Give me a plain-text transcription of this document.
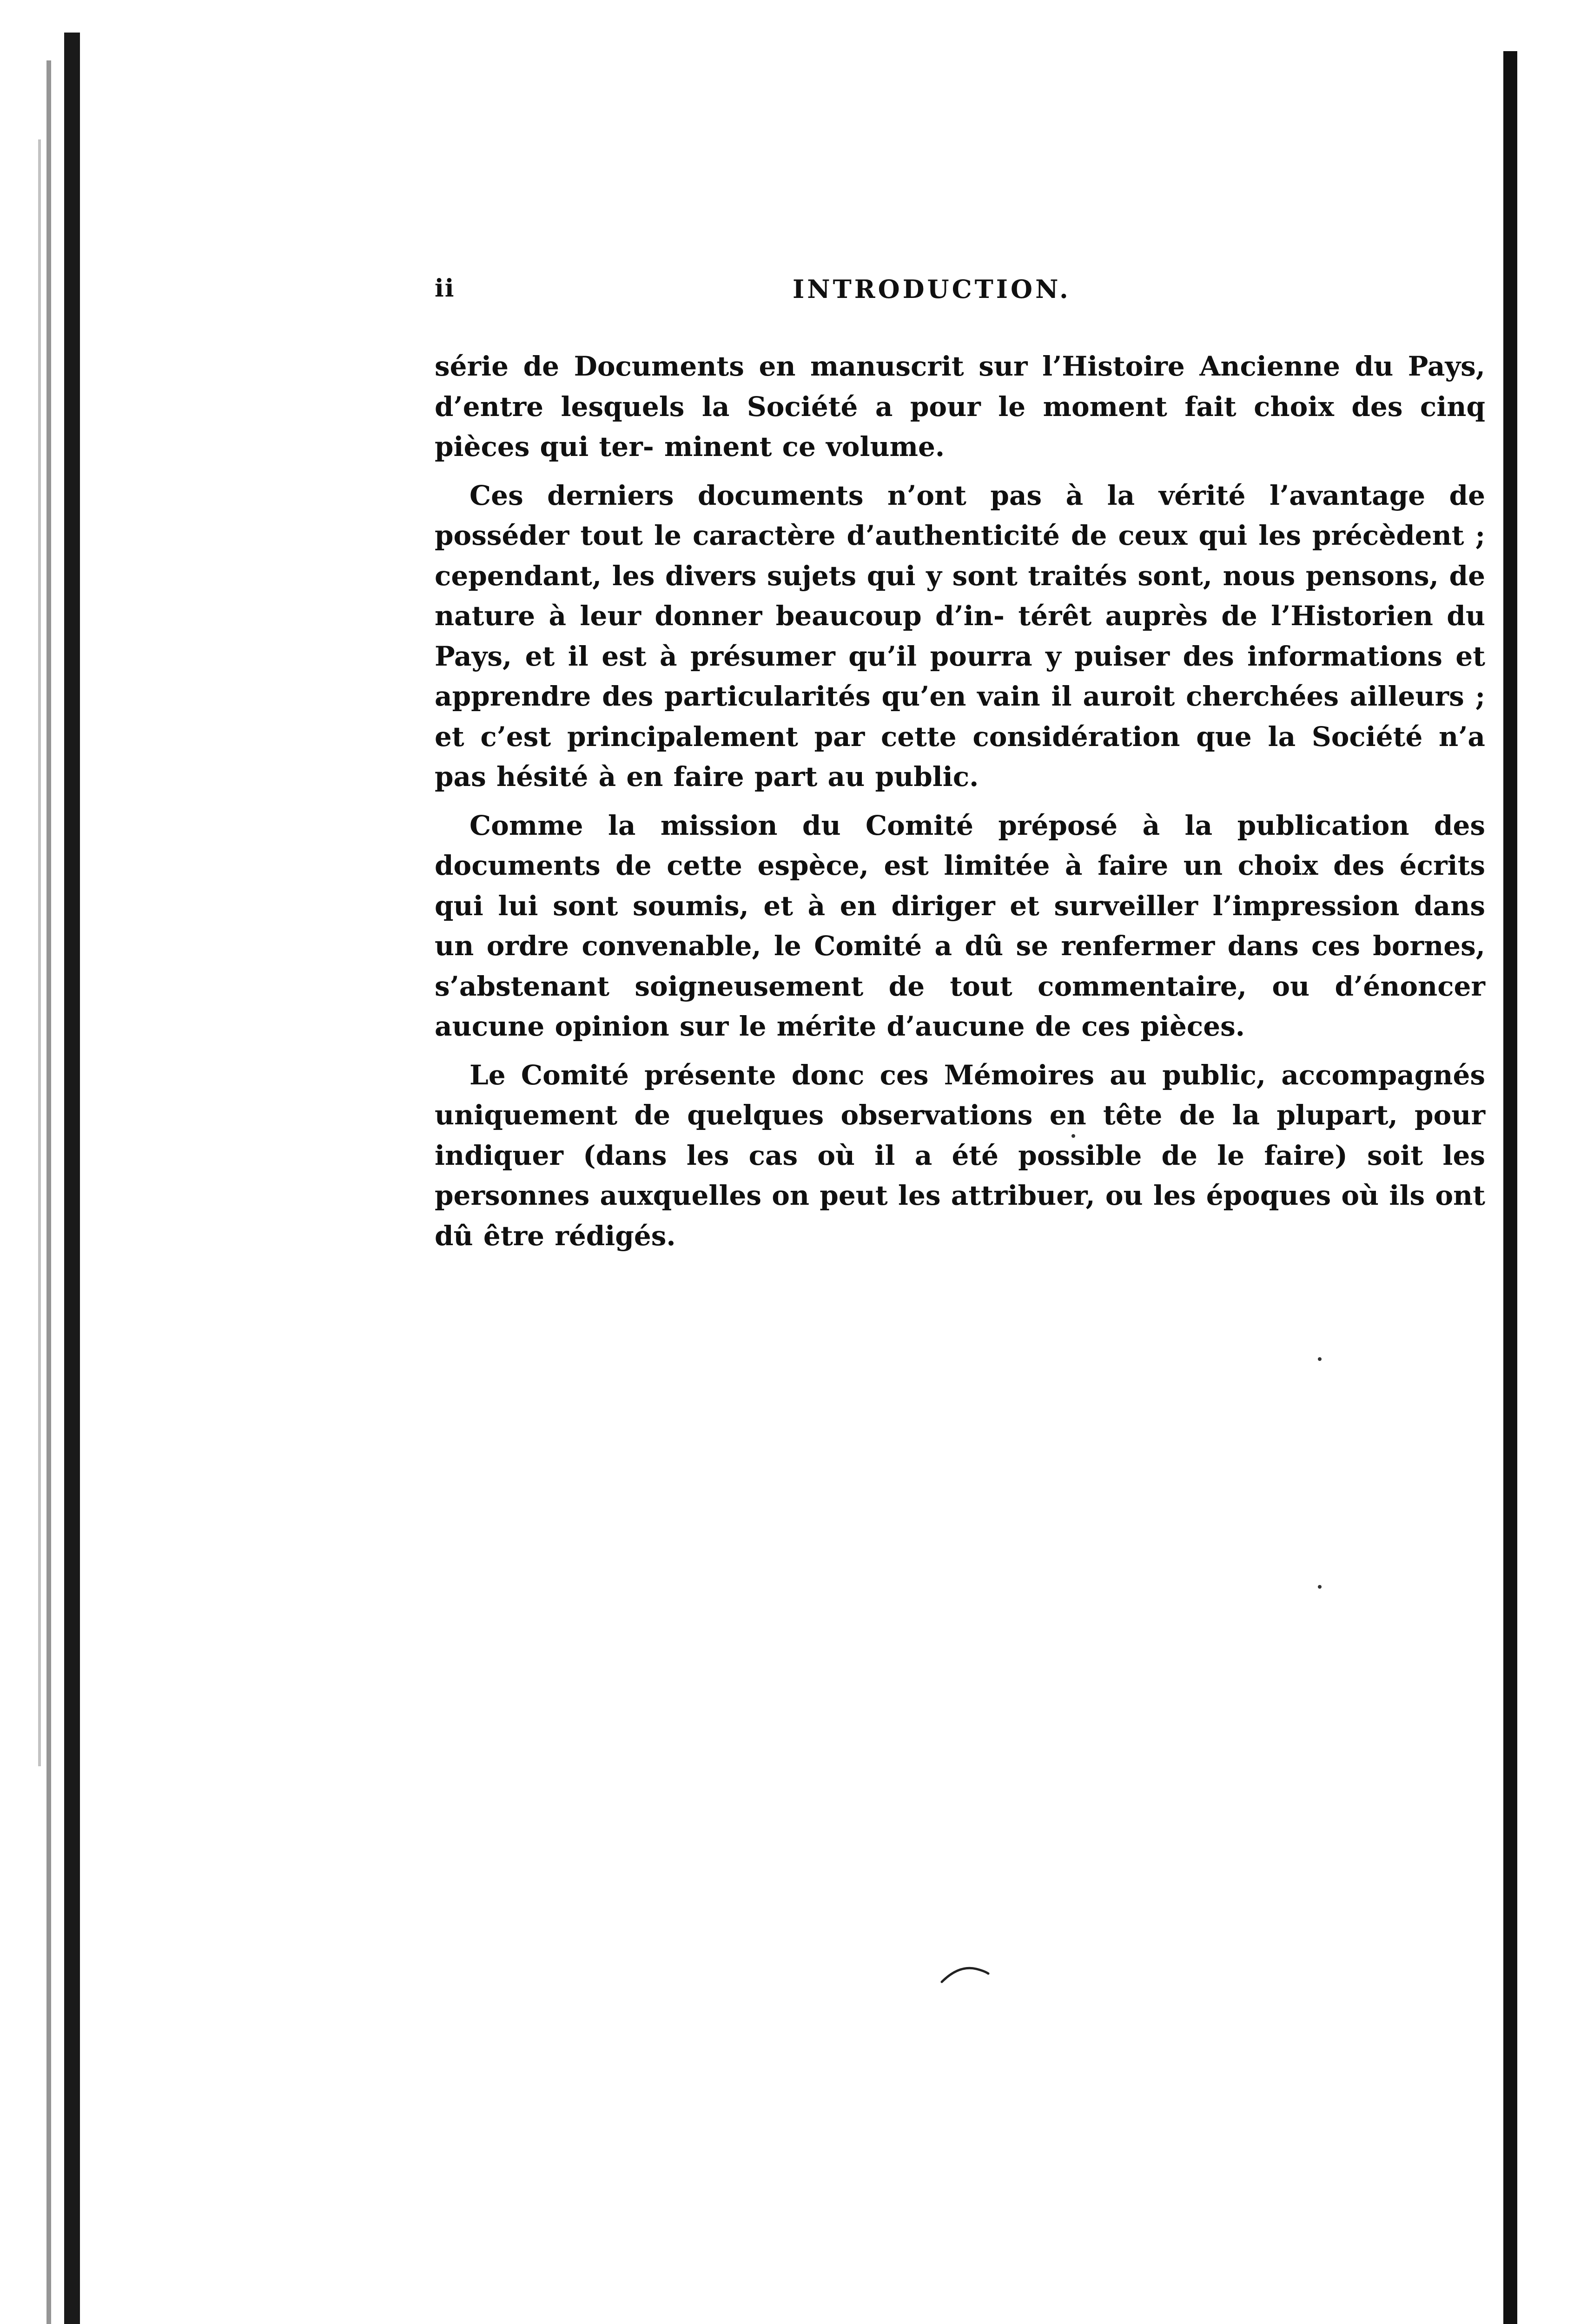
ii	INTRODUCTION.

série de Documents en manuscrit sur l’Histoire Ancienne du Pays, d’entre lesquels la Société a pour le moment fait choix des cinq pièces qui ter- minent ce volume.

Ces derniers documents n’ont pas à la vérité l’avantage de posséder tout le caractère d’authenticité de ceux qui les précèdent ; cependant, les divers sujets qui y sont traités sont, nous pensons, de nature à leur donner beaucoup d’in- térêt auprès de l’Historien du Pays, et il est à présumer qu’il pourra y puiser des informations et apprendre des particularités qu’en vain il auroit cherchées ailleurs ; et c’est principalement par cette considération que la Société n’a pas hésité à en faire part au public.

Comme la mission du Comité préposé à la publication des documents de cette espèce, est limitée à faire un choix des écrits qui lui sont soumis, et à en diriger et surveiller l’impression dans un ordre convenable, le Comité a dû se renfermer dans ces bornes, s’abstenant soigneusement de tout commentaire, ou d’énoncer aucune opinion sur le mérite d’aucune de ces pièces.

Le Comité présente donc ces Mémoires au public, accompagnés uniquement de quelques observations en tête de la plupart, pour indiquer (dans les cas où il a été possible de le faire) soit les personnes auxquelles on peut les attribuer, ou les époques où ils ont dû être rédigés.
